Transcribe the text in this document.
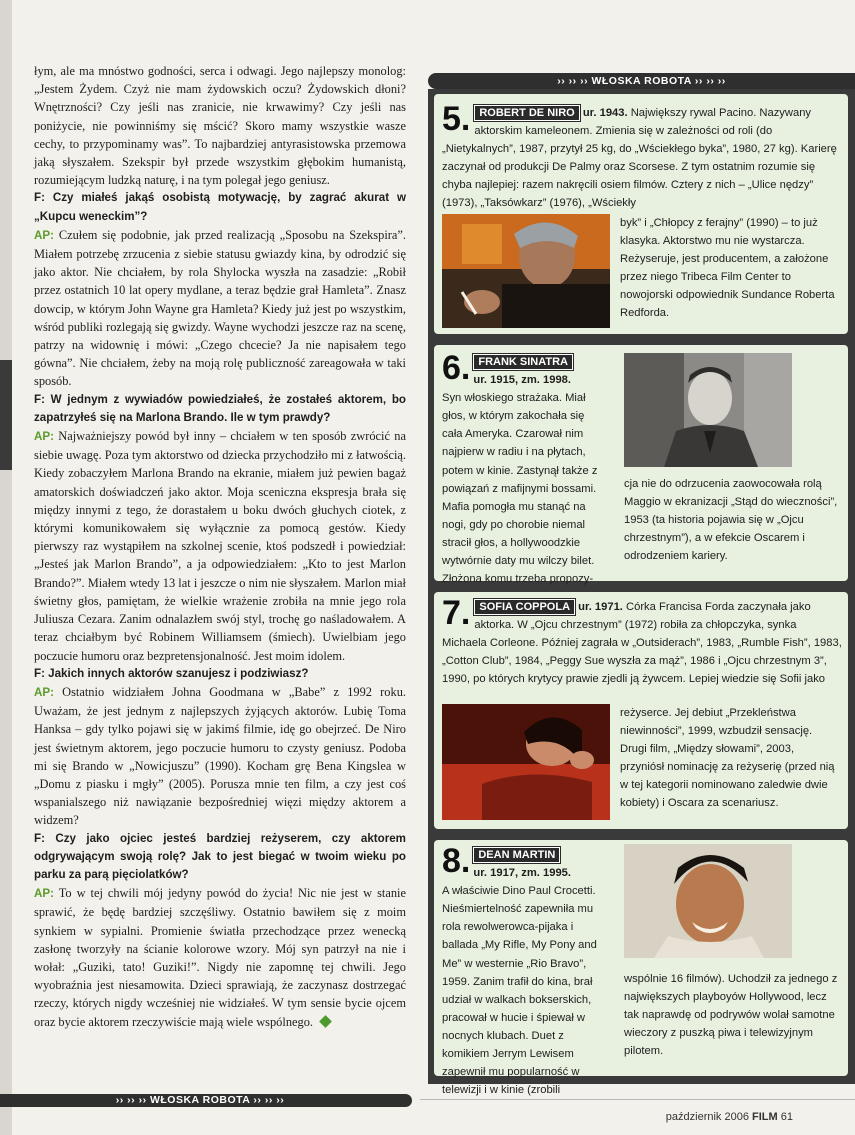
łym, ale ma mnóstwo godności, serca i odwagi. Jego najlepszy monolog: „Jestem Żydem. Czyż nie mam żydowskich oczu? Żydowskich dłoni? Wnętrzności? Czy jeśli nas zranicie, nie krwawimy? Czy jeśli nas poniżycie, nie powinniśmy się mścić? Skoro mamy wszystkie wasze cechy, to przypominamy was”. To najbardziej antyrasistowska przemowa jaką słyszałem. Szekspir był przede wszystkim głębokim humanistą, rozumiejącym ludzką naturę, i na tym polegał jego geniusz.

F: Czy miałeś jakąś osobistą motywację, by zagrać akurat w „Kupcu weneckim”?

AP: Czułem się podobnie, jak przed realizacją „Sposobu na Szekspira”. Miałem potrzebę zrzucenia z siebie statusu gwiazdy kina, by odrodzić się jako aktor. Nie chciałem, by rola Shylocka wyszła na zasadzie: „Robił przez ostatnich 10 lat opery mydlane, a teraz będzie grał Hamleta”. Znasz dowcip, w którym John Wayne gra Hamleta? Kiedy już jest po wszystkim, wśród publiki rozlegają się gwizdy. Wayne wychodzi jeszcze raz na scenę, patrzy na widownię i mówi: „Czego chcecie? Ja nie napisałem tego gówna”. Nie chciałem, żeby na moją rolę publiczność zareagowała w taki sposób.

F: W jednym z wywiadów powiedziałeś, że zostałeś aktorem, bo zapatrzyłeś się na Marlona Brando. Ile w tym prawdy?

AP: Najważniejszy powód był inny – chciałem w ten sposób zwrócić na siebie uwagę. Poza tym aktorstwo od dziecka przychodziło mi z łatwością. Kiedy zobaczyłem Marlona Brando na ekranie, miałem już pewien bagaż amatorskich doświadczeń jako aktor. Moja sceniczna ekspresja brała się między innymi z tego, że dorastałem u boku dwóch głuchych ciotek, z którymi komunikowałem się wyłącznie za pomocą gestów. Kiedy pierwszy raz wystąpiłem na szkolnej scenie, ktoś podszedł i powiedział: „Jesteś jak Marlon Brando”, a ja odpowiedziałem: „Kto to jest Marlon Brando?”. Miałem wtedy 13 lat i jeszcze o nim nie słyszałem. Marlon miał świetny głos, pamiętam, że wielkie wrażenie zrobiła na mnie jego rola Juliusza Cezara. Zanim odnalazłem swój styl, trochę go naśladowałem. A teraz chciałbym być Robinem Williamsem (śmiech). Uwielbiam jego poczucie humoru oraz bezpretensjonalność. Jest moim idolem.

F: Jakich innych aktorów szanujesz i podziwiasz?

AP: Ostatnio widziałem Johna Goodmana w „Babe” z 1992 roku. Uważam, że jest jednym z najlepszych żyjących aktorów. Lubię Toma Hanksa – gdy tylko pojawi się w jakimś filmie, idę go obejrzeć. De Niro jest świetnym aktorem, jego poczucie humoru to czysty geniusz. Podoba mi się Brando w „Nowicjuszu” (1990). Kocham grę Bena Kingslea w „Domu z piasku i mgły” (2005). Porusza mnie ten film, a czy jest coś wspanialszego niż nawiązanie bezpośredniej więzi między aktorem a widzem?

F: Czy jako ojciec jesteś bardziej reżyserem, czy aktorem odgrywającym swoją rolę? Jak to jest biegać w twoim wieku po parku za parą pięciolatków?

AP: To w tej chwili mój jedyny powód do życia! Nic nie jest w stanie sprawić, że będę bardziej szczęśliwy. Ostatnio bawiłem się z moim synkiem w sypialni. Promienie światła przechodzące przez wenecką zasłonę tworzyły na ścianie kolorowe wzory. Mój syn patrzył na nie i wołał: „Guziki, tato! Guziki!”. Nigdy nie zapomnę tej chwili. Jego wyobraźnia jest niesamowita. Dzieci sprawiają, że zaczynasz dostrzegać rzeczy, których nigdy wcześniej nie widziałeś. W tym sensie bycie ojcem oraz bycie aktorem rzeczywiście mają wiele wspólnego.

›› ›› ›› WŁOSKA ROBOTA ›› ›› ››
›› ›› ›› WŁOSKA ROBOTA ›› ›› ››

5. ROBERT DE NIRO ur. 1943. Największy rywal Pacino. Nazywany aktorskim kameleonem. Zmienia się w zależności od roli (do „Nietykalnych”, 1987, przytył 25 kg, do „Wściekłego byka”, 1980, 27 kg). Karierę zaczynał od produkcji De Palmy oraz Scorsese. Z tym ostatnim rozumie się chyba najlepiej: razem nakręcili osiem filmów. Cztery z nich – „Ulice nędzy” (1973), „Taksówkarz” (1976), „Wściekły

byk” i „Chłopcy z ferajny” (1990) – to już klasyka. Aktorstwo mu nie wystarcza. Reżyseruje, jest producentem, a założone przez niego Tribeca Film Center to nowojorski odpowiednik Sundance Roberta Redforda.

6. FRANK SINATRA
ur. 1915, zm. 1998.
Syn włoskiego strażaka. Miał głos, w którym zakochała się cała Ameryka. Czarował nim najpierw w radiu i na płytach, potem w kinie. Zastynął także z powiązań z mafijnymi bossami. Mafia pomogła mu stanąć na nogi, gdy po chorobie niemal stracił głos, a hollywoodzkie wytwórnie daty mu wilczy bilet. Złożona komu trzeba propozy-

cja nie do odrzucenia zaowocowała rolą Maggio w ekranizacji „Stąd do wieczności”, 1953 (ta historia pojawia się w „Ojcu chrzestnym”), a w efekcie Oscarem i odrodzeniem kariery.

7. SOFIA COPPOLA ur. 1971. Córka Francisa Forda zaczynała jako aktorka. W „Ojcu chrzestnym” (1972) robiła za chłopczyka, synka Michaela Corleone. Później zagrała w „Outsiderach”, 1983, „Rumble Fish”, 1983, „Cotton Club”, 1984, „Peggy Sue wyszła za mąż”, 1986 i „Ojcu chrzestnym 3”, 1990, po których krytycy prawie zjedli ją żywcem. Lepiej wiedzie się Sofii jako

reżyserce. Jej debiut „Przekleństwa niewinności”, 1999, wzbudził sensację. Drugi film, „Między słowami”, 2003, przyniósł nominację za reżyserię (przed nią w tej kategorii nominowano zaledwie dwie kobiety) i Oscara za scenariusz.

8. DEAN MARTIN
ur. 1917, zm. 1995.
A właściwie Dino Paul Crocetti. Nieśmiertelność zapewniła mu rola rewolwerowca-pijaka i ballada „My Rifle, My Pony and Me” w westernie „Rio Bravo”, 1959. Zanim trafił do kina, brał udział w walkach bokserskich, pracował w hucie i śpiewał w nocnych klubach. Duet z komikiem Jerrym Lewisem zapewnił mu popularność w telewizji i w kinie (zrobili

wspólnie 16 filmów). Uchodził za jednego z największych playboyów Hollywood, lecz tak naprawdę od podrywów wolał samotne wieczory z puszką piwa i telewizyjnym pilotem.

październik 2006 FILM 61
